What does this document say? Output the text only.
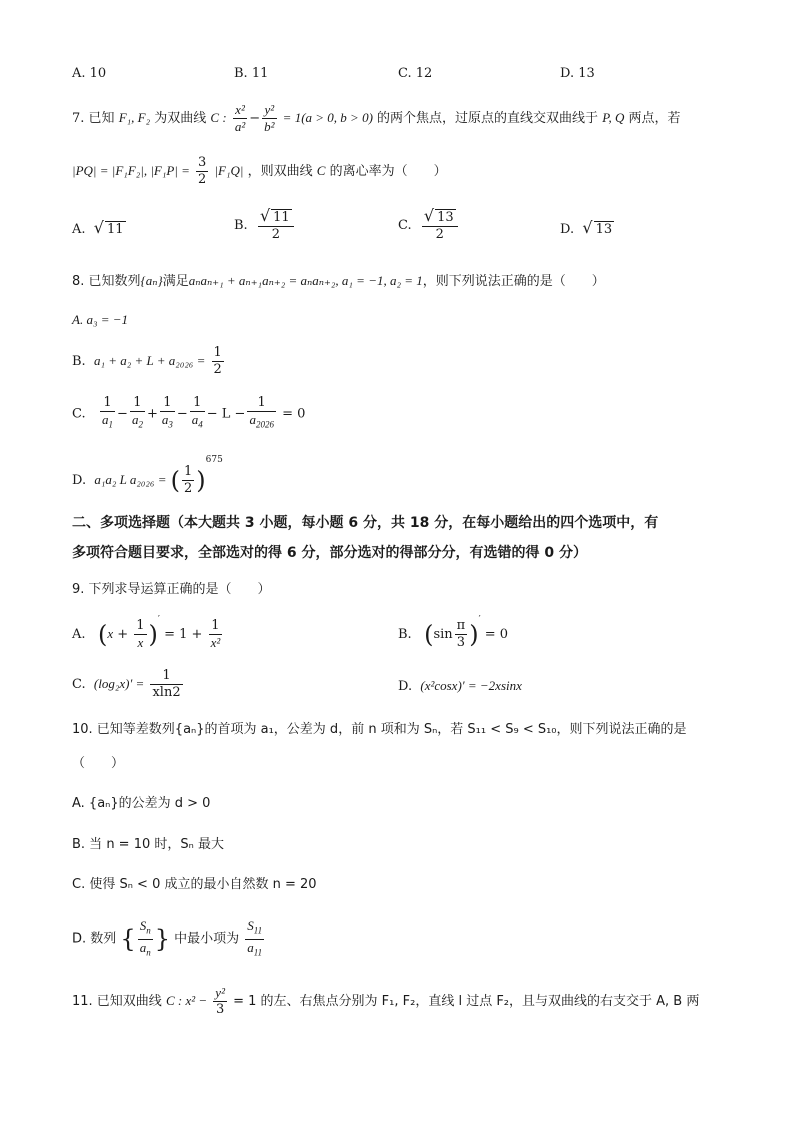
A. 10	B. 11	C. 12	D. 13
7. 已知 F₁, F₂ 为双曲线 C : $\frac{\text{x²}}{\text{a²}} - \frac{\text{y²}}{\text{b²}} = 1(a > 0$, b > 0) 的两个焦点，过原点的直线交双曲线于 P, Q 两点，若
|PQ| = |F₁F₂|, $|F_1P| = \frac{3}{2} |F_1Q|$ ，则双曲线 C 的离心率为（　　）
A. √ 11	B. $\frac{√ 11}{2}$	C. $\frac{√ 13}{2}$	D. √ 13
8. 已知数列{aₙ}满足aₙaₙ₊₁ + aₙ₊₁aₙ₊₂ = aₙaₙ₊₂, a₁ = −1, a₂ = 1，则下列说法正确的是（　　）
A. a₃ = −1
B. $a_1 + a_2 + L + a_{2026} = \frac{1}{2}$
C. $\frac{1}{a_1} - \frac{1}{a_2} + \frac{1}{a_3} - \frac{1}{a_4} - L - \frac{1}{a_{2026}} = 0$
D. a₁a₂ L a₂₀₂₆ = ( $\frac{1}{2} )^{675}$
二、多项选择题（本大题共 3 小题，每小题 6 分，共 18 分，在每小题给出的四个选项中，有
多项符合题目要求，全部选对的得 6 分，部分选对的得部分分，有选错的得 0 分）
9. 下列求导运算正确的是（　　）
A. $(x + \frac{1}{x} )' = 1 + \frac{1}{\text{x²}}$	B. $(\sin \frac{\pi}{3} )' = 0$
C. $(\log_2x)' = \frac{1}{xln2}$	D. (x²cosx)′ = −2xsinx
10. 已知等差数列{aₙ}的首项为 a₁，公差为 d，前 n 项和为 Sₙ，若 S₁₁ < S₉ < S₁₀，则下列说法正确的是
（　　）
A. {aₙ}的公差为 d > 0
B. 当 n = 10 时，Sₙ 最大
C. 使得 Sₙ < 0 成立的最小自然数 n = 20
D. 数列 { $\frac{S_n}{a_n}$ } 中最小项为 $\frac{S_{11}}{a_{11}}$
11. 已知双曲线 C : $x^2 - \frac{\text{y²}}{3} = 1$ 的左、右焦点分别为 F₁, F₂，直线 l 过点 F₂，且与双曲线的右支交于 A, B 两
